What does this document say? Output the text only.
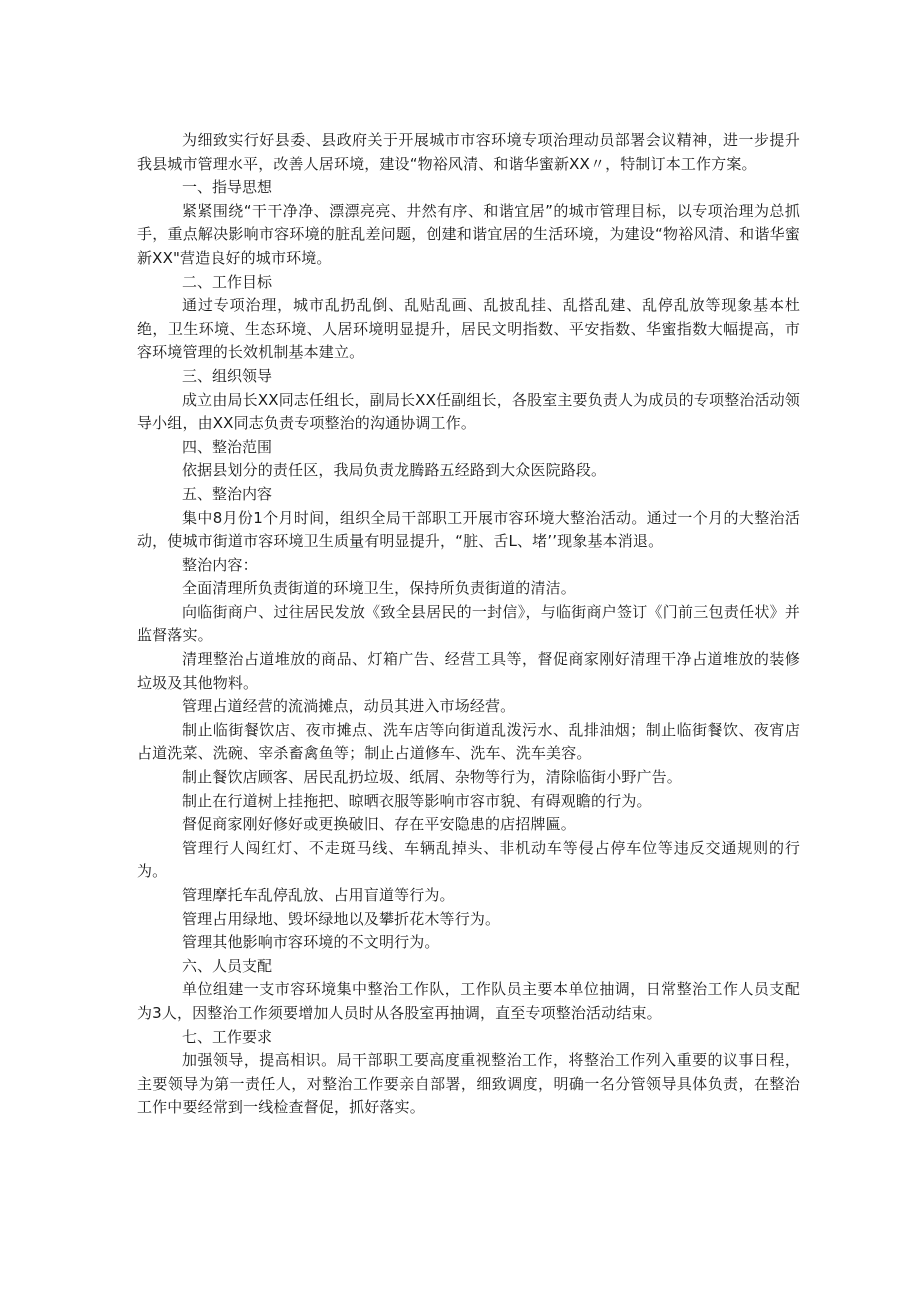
为细致实行好县委、县政府关于开展城市市容环境专项治理动员部署会议精神，进一步提升我县城市管理水平，改善人居环境，建设“物裕风清、和谐华蜜新XX〃，特制订本工作方案。

一、指导思想

紧紧围绕“干干净净、漂漂亮亮、井然有序、和谐宜居”的城市管理目标，以专项治理为总抓手，重点解决影响市容环境的脏乱差问题，创建和谐宜居的生活环境，为建设“物裕风清、和谐华蜜新XX"营造良好的城市环境。

二、工作目标

通过专项治理，城市乱扔乱倒、乱贴乱画、乱披乱挂、乱搭乱建、乱停乱放等现象基本杜绝，卫生环境、生态环境、人居环境明显提升，居民文明指数、平安指数、华蜜指数大幅提高，市容环境管理的长效机制基本建立。

三、组织领导

成立由局长XX同志任组长，副局长XX任副组长，各股室主要负责人为成员的专项整治活动领导小组，由XX同志负责专项整治的沟通协调工作。

四、整治范围

依据县划分的责任区，我局负责龙腾路五经路到大众医院路段。

五、整治内容

集中8月份1个月时间，组织全局干部职工开展市容环境大整治活动。通过一个月的大整治活动，使城市街道市容环境卫生质量有明显提升，“脏、舌L、堵’’现象基本消退。

整治内容：

全面清理所负责街道的环境卫生，保持所负责街道的清洁。

向临街商户、过往居民发放《致全县居民的一封信》，与临街商户签订《门前三包责任状》并监督落实。

清理整治占道堆放的商品、灯箱广告、经营工具等，督促商家刚好清理干净占道堆放的装修垃圾及其他物料。

管理占道经营的流淌摊点，动员其进入市场经营。

制止临街餐饮店、夜市摊点、洗车店等向街道乱泼污水、乱排油烟；制止临街餐饮、夜宵店占道洗菜、洗碗、宰杀畜禽鱼等；制止占道修车、洗车、洗车美容。

制止餐饮店顾客、居民乱扔垃圾、纸屑、杂物等行为，清除临街小野广告。

制止在行道树上挂拖把、晾晒衣服等影响市容市貌、有碍观瞻的行为。

督促商家刚好修好或更换破旧、存在平安隐患的店招牌匾。

管理行人闯红灯、不走斑马线、车辆乱掉头、非机动车等侵占停车位等违反交通规则的行为。

管理摩托车乱停乱放、占用盲道等行为。

管理占用绿地、毁坏绿地以及攀折花木等行为。

管理其他影响市容环境的不文明行为。

六、人员支配

单位组建一支市容环境集中整治工作队，工作队员主要本单位抽调，日常整治工作人员支配为3人，因整治工作须要增加人员时从各股室再抽调，直至专项整治活动结束。

七、工作要求

加强领导，提高相识。局干部职工要高度重视整治工作，将整治工作列入重要的议事日程，主要领导为第一责任人，对整治工作要亲自部署，细致调度，明确一名分管领导具体负责，在整治工作中要经常到一线检查督促，抓好落实。
